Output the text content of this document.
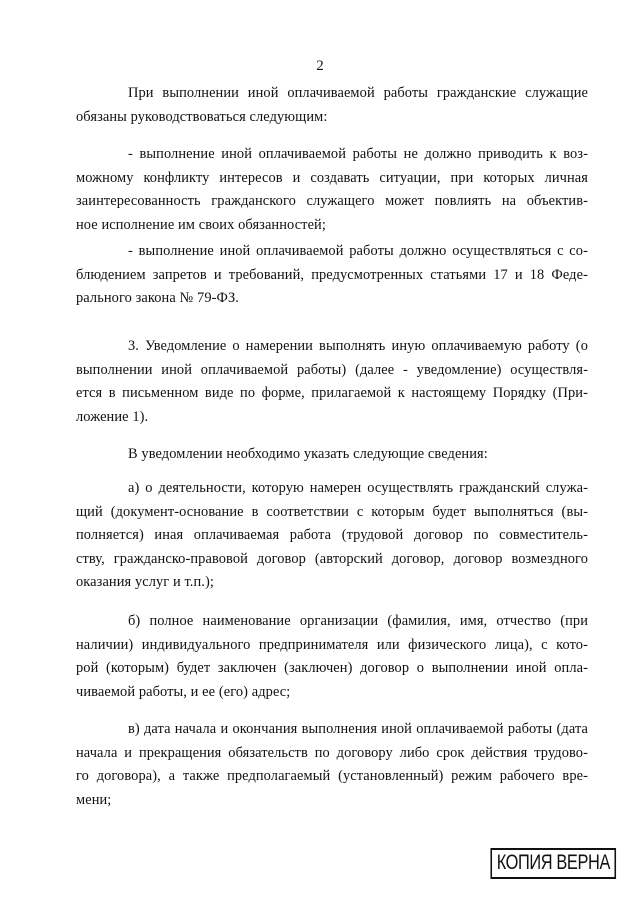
2
При выполнении иной оплачиваемой работы гражданские служащие
обязаны руководствоваться следующим:
- выполнение иной оплачиваемой работы не должно приводить к воз-
можному конфликту интересов и создавать ситуации, при которых личная
заинтересованность гражданского служащего может повлиять на объектив-
ное исполнение им своих обязанностей;
- выполнение иной оплачиваемой работы должно осуществляться с со-
блюдением запретов и требований, предусмотренных статьями 17 и 18 Феде-
рального закона № 79-ФЗ.
3. Уведомление о намерении выполнять иную оплачиваемую работу (о
выполнении иной оплачиваемой работы) (далее - уведомление) осуществля-
ется в письменном виде по форме, прилагаемой к настоящему Порядку (При-
ложение 1).
В уведомлении необходимо указать следующие сведения:
а) о деятельности, которую намерен осуществлять гражданский служа-
щий (документ-основание в соответствии с которым будет выполняться (вы-
полняется) иная оплачиваемая работа (трудовой договор по совместитель-
ству, гражданско-правовой договор (авторский договор, договор возмездного
оказания услуг и т.п.);
б) полное наименование организации (фамилия, имя, отчество (при
наличии) индивидуального предпринимателя или физического лица), с кото-
рой (которым) будет заключен (заключен) договор о выполнении иной опла-
чиваемой работы, и ее (его) адрес;
в) дата начала и окончания выполнения иной оплачиваемой работы (дата
начала и прекращения обязательств по договору либо срок действия трудово-
го договора), а также предполагаемый (установленный) режим рабочего вре-
мени;
КОПИЯ ВЕРНА
